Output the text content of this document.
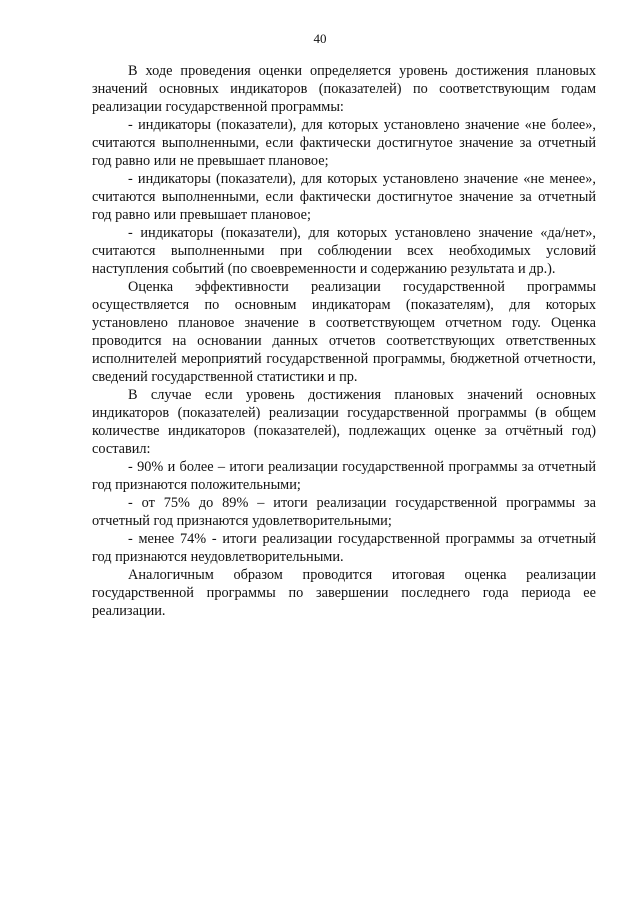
40

В ходе проведения оценки определяется уровень достижения плановых значений основных индикаторов (показателей) по соответствующим годам реализации государственной программы:

- индикаторы (показатели), для которых установлено значение «не более», считаются выполненными, если фактически достигнутое значение за отчетный год равно или не превышает плановое;

- индикаторы (показатели), для которых установлено значение «не менее», считаются выполненными, если фактически достигнутое значение за отчетный год равно или превышает плановое;

- индикаторы (показатели), для которых установлено значение «да/нет», считаются выполненными при соблюдении всех необходимых условий наступления событий (по своевременности и содержанию результата и др.).

Оценка эффективности реализации государственной программы осуществляется по основным индикаторам (показателям), для которых установлено плановое значение в соответствующем отчетном году. Оценка проводится на основании данных отчетов соответствующих ответственных исполнителей мероприятий государственной программы, бюджетной отчетности, сведений государственной статистики и пр.

В случае если уровень достижения плановых значений основных индикаторов (показателей) реализации государственной программы (в общем количестве индикаторов (показателей), подлежащих оценке за отчётный год) составил:

- 90% и более – итоги реализации государственной программы за отчетный год признаются положительными;

- от 75% до 89% – итоги реализации государственной программы за отчетный год признаются удовлетворительными;

- менее 74% - итоги реализации государственной программы за отчетный год признаются неудовлетворительными.

Аналогичным образом проводится итоговая оценка реализации государственной программы по завершении последнего года периода ее реализации.
